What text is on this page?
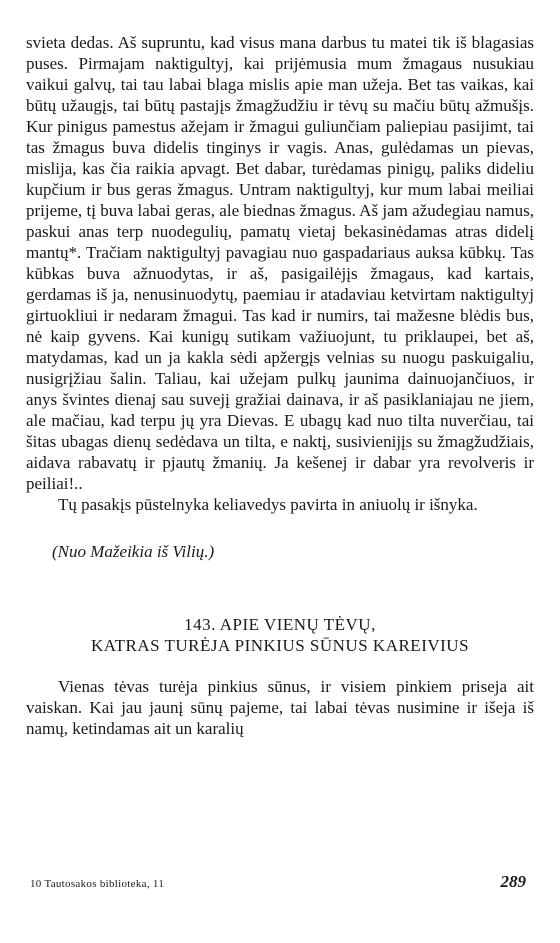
svieta dedas. Aš supruntu, kad visus mana darbus tu matei tik iš blagasias puses. Pirmajam naktigultyj, kai prijėmusia mum žmagaus nusukiau vaikui galvų, tai tau labai blaga mislis apie man užeja. Bet tas vaikas, kai būtų užaugįs, tai būtų pastajįs žmagžudžiu ir tėvų su mačiu būtų ažmušįs. Kur pinigus pamestus ažejam ir žmagui guliunčiam paliepiau pasijimt, tai tas žmagus buva didelis tinginys ir vagis. Anas, gulėdamas un pievas, mislija, kas čia raikia apvagt. Bet dabar, turėdamas pinigų, paliks dideliu kupčium ir bus geras žmagus. Untram naktigultyj, kur mum labai meiliai prijeme, tį buva labai geras, ale biednas žmagus. Aš jam ažudegiau namus, paskui anas terp nuodegulių, pamatų vietaj bekasinėdamas atras didelį mantų*. Tračiam naktigultyj pavagiau nuo gaspadariaus auksa kūbkų. Tas kūbkas buva ažnuodytas, ir aš, pasigailėjįs žmagaus, kad kartais, gerdamas iš ja, nenusinuodytų, paemiau ir atadaviau ketvirtam naktigultyj girtuokliui ir nedaram žmagui. Tas kad ir numirs, tai mažesne blėdis bus, nė kaip gyvens. Kai kunigų sutikam važiuojunt, tu priklaupei, bet aš, matydamas, kad un ja kakla sėdi apžergįs velnias su nuogu paskuigaliu, nusigrįžiau šalin. Taliau, kai užejam pulkų jaunima dainuojančiuos, ir anys švintes dienaj sau suvejį gražiai dainava, ir aš pasiklaniajau ne jiem, ale mačiau, kad terpu jų yra Dievas. E ubagų kad nuo tilta nuverčiau, tai šitas ubagas dienų sedėdava un tilta, e naktį, susivienijįs su žmagžudžiais, aidava rabavatų ir pjautų žmanių. Ja kešenej ir dabar yra revolveris ir peiliai!..

Tų pasakįs pūstelnyka keliavedys pavirta in aniuolų ir išnyka.

(Nuo Mažeikia iš Vilių.)
143. APIE VIENŲ TĖVŲ,
KATRAS TURĖJA PINKIUS SŪNUS KAREIVIUS

Vienas tėvas turėja pinkius sūnus, ir visiem pinkiem priseja ait vaiskan. Kai jau jaunį sūnų pajeme, tai labai tėvas nusimine ir išeja iš namų, ketindamas ait un karalių

10 Tautosakos biblioteka, 11	289
